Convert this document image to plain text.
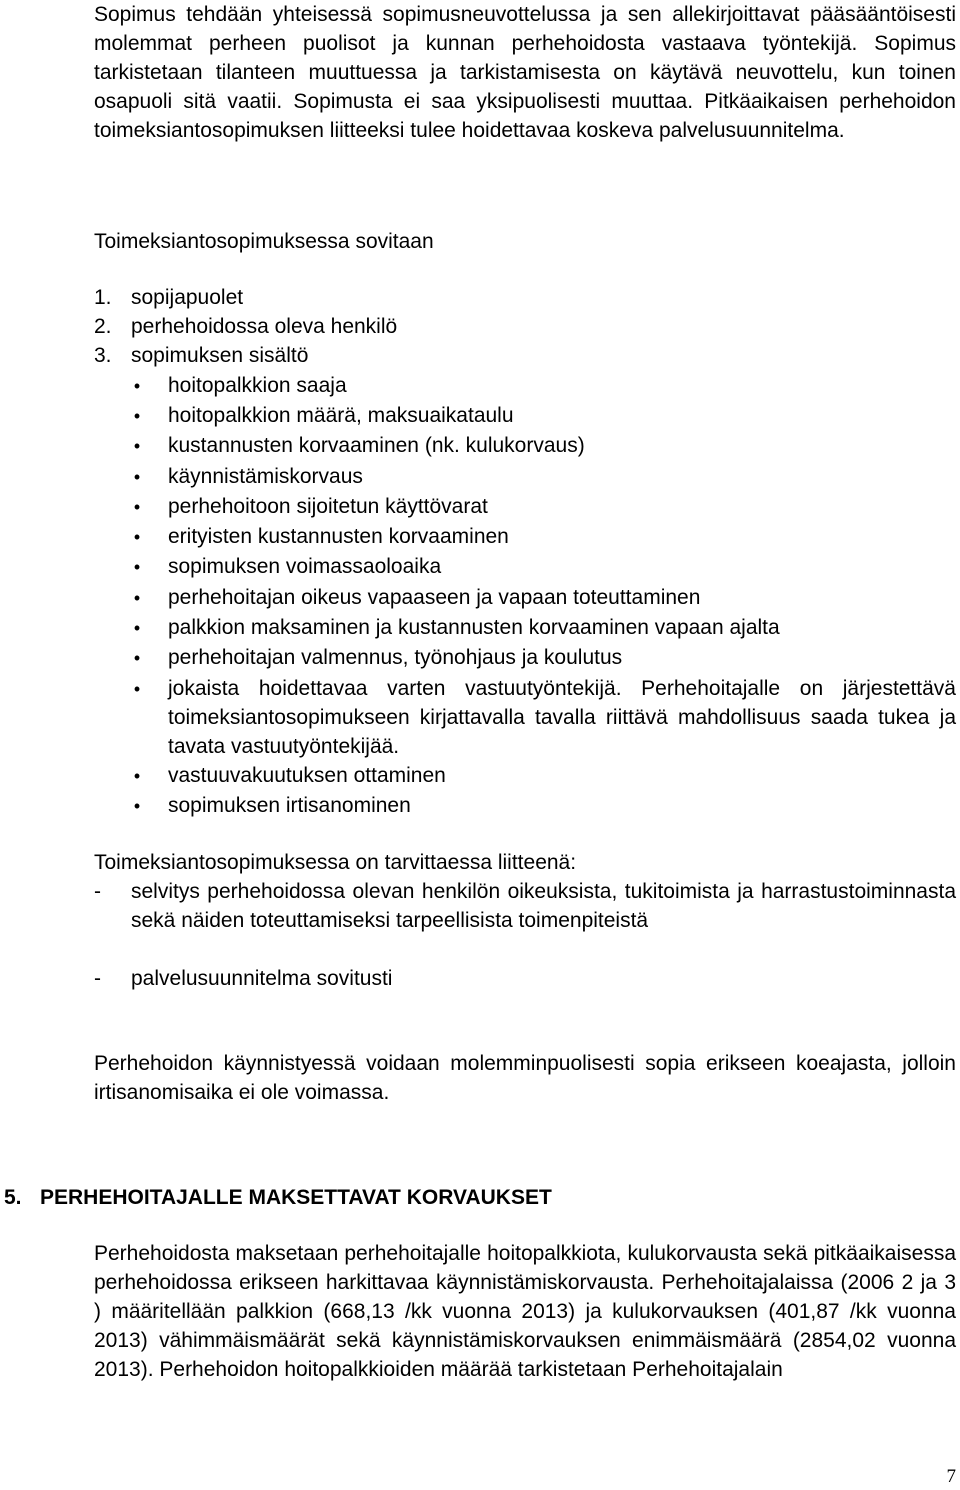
Sopimus tehdään yhteisessä sopimusneuvottelussa ja sen allekirjoittavat pääsääntöisesti molemmat perheen puolisot ja kunnan perhehoidosta vastaava työntekijä. Sopimus tarkistetaan tilanteen muuttuessa ja tarkistamisesta on käytävä neuvottelu, kun toinen osapuoli sitä vaatii. Sopimusta ei saa yksipuolisesti muuttaa. Pitkäaikaisen perhehoidon toimeksiantosopimuksen liitteeksi tulee hoidettavaa koskeva palvelusuunnitelma.

Toimeksiantosopimuksessa sovitaan

1. sopijapuolet
2. perhehoidossa oleva henkilö
3. sopimuksen sisältö
• hoitopalkkion saaja
• hoitopalkkion määrä, maksuaikataulu
• kustannusten korvaaminen (nk. kulukorvaus)
• käynnistämiskorvaus
• perhehoitoon sijoitetun käyttövarat
• erityisten kustannusten korvaaminen
• sopimuksen voimassaoloaika
• perhehoitajan oikeus vapaaseen ja vapaan toteuttaminen
• palkkion maksaminen ja kustannusten korvaaminen vapaan ajalta
• perhehoitajan valmennus, työnohjaus ja koulutus
• jokaista hoidettavaa varten vastuutyöntekijä. Perhehoitajalle on järjestettävä toimeksiantosopimukseen kirjattavalla tavalla riittävä mahdollisuus saada tukea ja tavata vastuutyöntekijää.

• vastuuvakuutuksen ottaminen
• sopimuksen irtisanominen

Toimeksiantosopimuksessa on tarvittaessa liitteenä:

- selvitys perhehoidossa olevan henkilön oikeuksista, tukitoimista ja harrastustoiminnasta sekä näiden toteuttamiseksi tarpeellisista toimenpiteistä

- palvelusuunnitelma sovitusti

Perhehoidon käynnistyessä voidaan molemminpuolisesti sopia erikseen koeajasta, jolloin irtisanomisaika ei ole voimassa.

5. PERHEHOITAJALLE MAKSETTAVAT KORVAUKSET

Perhehoidosta maksetaan perhehoitajalle hoitopalkkiota, kulukorvausta sekä pitkäaikaisessa perhehoidossa erikseen harkittavaa käynnistämiskorvausta. Perhehoitajalaissa (2006 2 ja 3 ) määritellään palkkion (668,13 /kk vuonna 2013) ja kulukorvauksen (401,87 /kk vuonna 2013) vähimmäismäärät sekä käynnistämiskorvauksen enimmäismäärä (2854,02 vuonna 2013). Perhehoidon hoitopalkkioiden määrää tarkistetaan Perhehoitajalain

7
